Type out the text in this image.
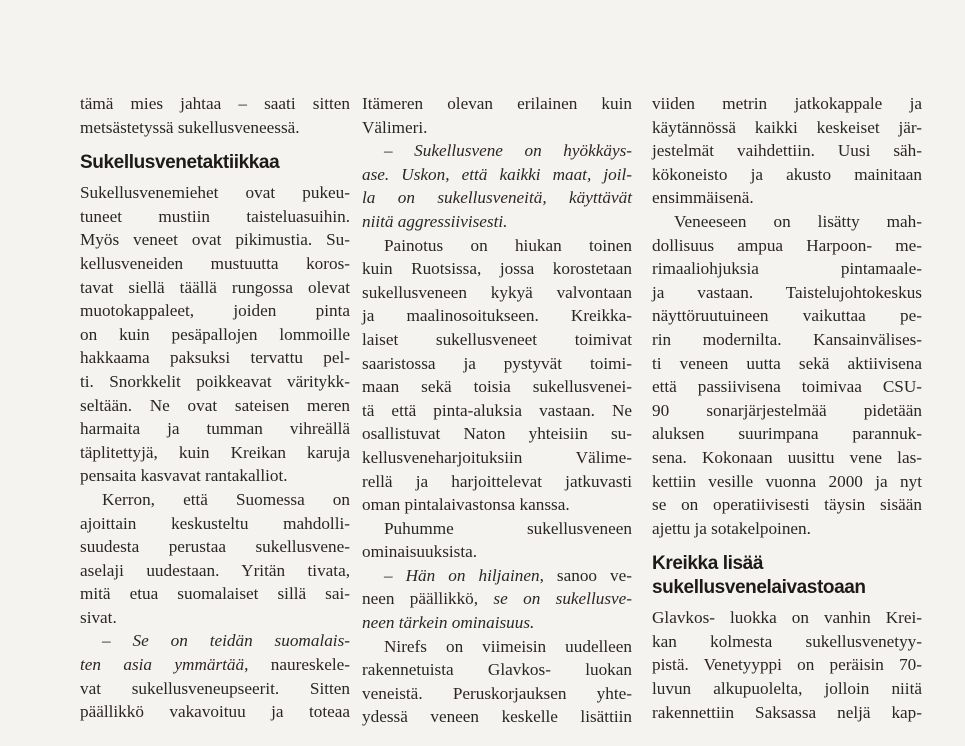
tämä mies jahtaa – saati sitten
metsästetyssä sukellusveneessä.
Sukellusvenetaktiikkaa
Sukellusvenemiehet ovat pukeu-
tuneet mustiin taisteluasuihin.
Myös veneet ovat pikimustia. Su-
kellusveneiden mustuutta koros-
tavat siellä täällä rungossa olevat
muotokappaleet, joiden pinta
on kuin pesäpallojen lommoille
hakkaama paksuksi tervattu pel-
ti. Snorkkelit poikkeavat väritykk-
seltään. Ne ovat sateisen meren
harmaita ja tumman vihreällä
täplitettyjä, kuin Kreikan karuja
pensaita kasvavat rantakalliot.
Kerron, että Suomessa on
ajoittain keskusteltu mahdolli-
suudesta perustaa sukellusvene-
aselaji uudestaan. Yritän tivata,
mitä etua suomalaiset sillä sai-
sivat.
– Se on teidän suomalais-
ten asia ymmärtää, naureskele-
vat sukellusveneupseerit. Sitten
päällikkö vakavoituu ja toteaa
Itämeren olevan erilainen kuin
Välimeri.
– Sukellusvene on hyökkäys-
ase. Uskon, että kaikki maat, joil-
la on sukellusveneitä, käyttävät
niitä aggressiivisesti.
Painotus on hiukan toinen
kuin Ruotsissa, jossa korostetaan
sukellusveneen kykyä valvontaan
ja maalinosoitukseen. Kreikka-
laiset sukellusveneet toimivat
saaristossa ja pystyvät toimi-
maan sekä toisia sukellusvenei-
tä että pinta-aluksia vastaan. Ne
osallistuvat Naton yhteisiin su-
kellusveneharjoituksiin Välime-
rellä ja harjoittelevat jatkuvasti
oman pintalaivastonsa kanssa.
Puhumme sukellusveneen
ominaisuuksista.
– Hän on hiljainen, sanoo ve-
neen päällikkö, se on sukellusve-
neen tärkein ominaisuus.
Nirefs on viimeisin uudelleen
rakennetuista Glavkos- luokan
veneistä. Peruskorjauksen yhte-
ydessä veneen keskelle lisättiin
viiden metrin jatkokappale ja
käytännössä kaikki keskeiset jär-
jestelmät vaihdettiin. Uusi säh-
kökoneisto ja akusto mainitaan
ensimmäisenä.
Veneeseen on lisätty mah-
dollisuus ampua Harpoon- me-
rimaaliohjuksia pintamaale-
ja vastaan. Taistelujohtokeskus
näyttöruutuineen vaikuttaa pe-
rin modernilta. Kansainvälises-
ti veneen uutta sekä aktiivisena
että passiivisena toimivaa CSU-
90 sonarjärjestelmää pidetään
aluksen suurimpana parannuk-
sena. Kokonaan uusittu vene las-
kettiin vesille vuonna 2000 ja nyt
se on operatiivisesti täysin sisään
ajettu ja sotakelpoinen.
Kreikka lisää
sukellusvenelaivastoaan
Glavkos- luokka on vanhin Krei-
kan kolmesta sukellusvenetyy-
pistä. Venetyyppi on peräisin 70-
luvun alkupuolelta, jolloin niitä
rakennettiin Saksassa neljä kap-
